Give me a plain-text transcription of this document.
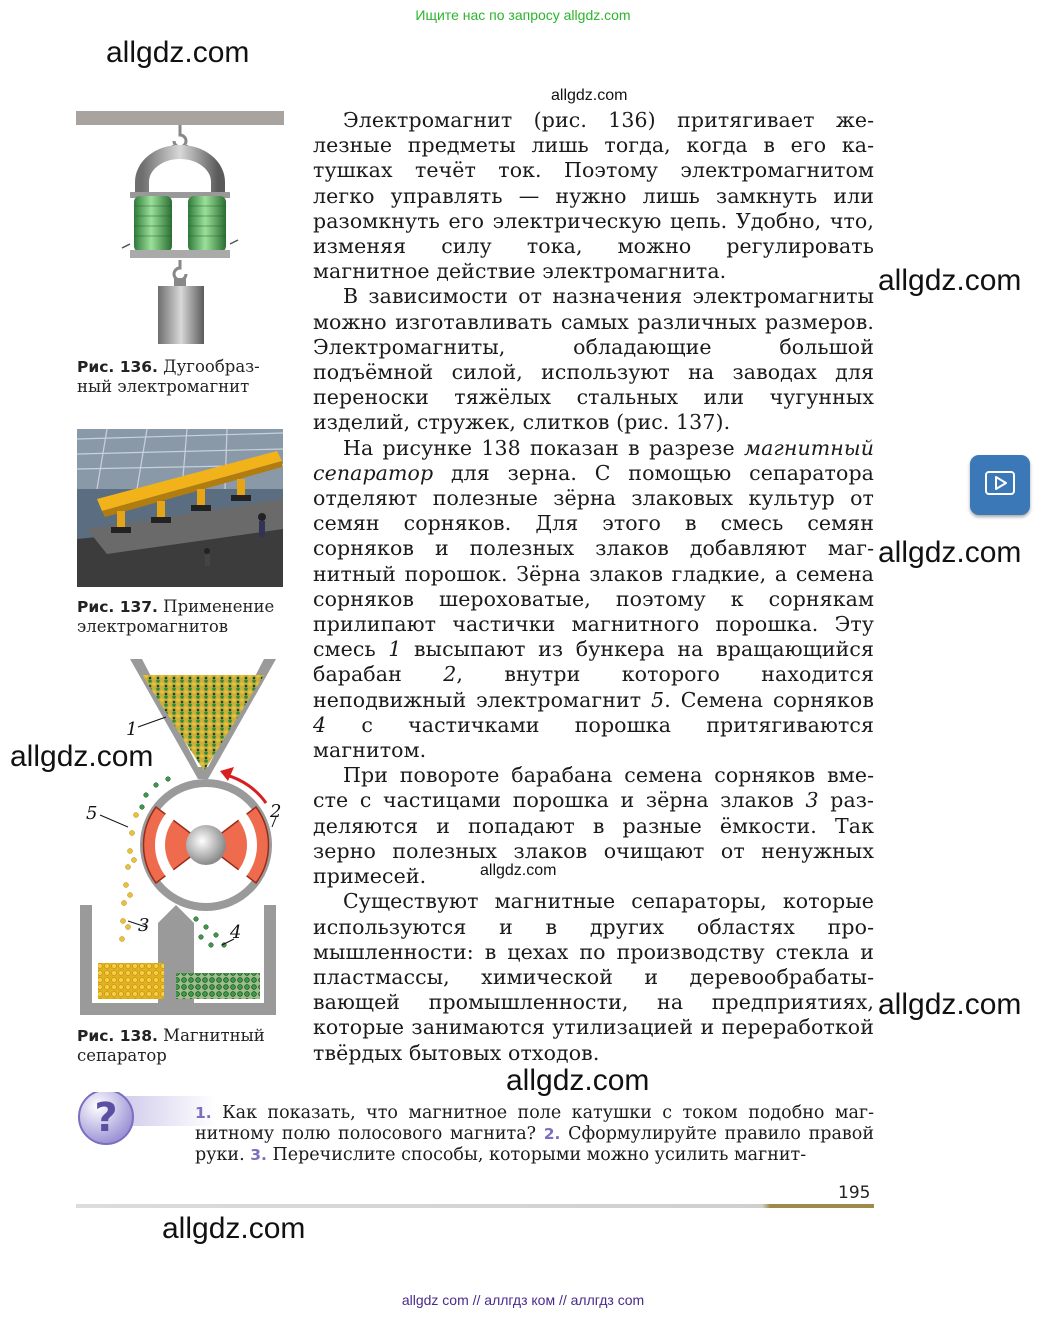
Ищите нас по запросу allgdz.com
allgdz.com
allgdz.com
allgdz.com
allgdz.com
allgdz.com
allgdz.com
allgdz.com
allgdz.com
allgdz.com
Рис. 136. Дугообразный электромагнит
Рис. 137. Применение электромагнитов
1
2
3	4
5
Рис. 138. Магнитный сепаратор

Электромагнит (рис. 136) притягивает железные предметы лишь тогда, когда в его катушках течёт ток. Поэтому электромагнитом легко управлять — нужно лишь замкнуть или разомкнуть его электрическую цепь. Удобно, что, изменяя силу тока, можно регулировать магнитное действие электромагнита.

В зависимости от назначения электромагниты можно изготавливать самых различных размеров. Электромагниты, обладающие большой подъёмной силой, используют на заводах для переноски тяжёлых стальных или чугунных изделий, стружек, слитков (рис. 137).

На рисунке 138 показан в разрезе магнитный сепаратор для зерна. С помощью сепаратора отделяют полезные зёрна злаковых культур от семян сорняков. Для этого в смесь семян сорняков и полезных злаков добавляют магнитный порошок. Зёрна злаков гладкие, а семена сорняков шероховатые, поэтому к сорнякам прилипают частички магнитного порошка. Эту смесь 1 высыпают из бункера на вращающийся барабан 2, внутри которого находится неподвижный электромагнит 5. Семена сорняков 4 с частичками порошка притягиваются магнитом.

При повороте барабана семена сорняков вместе с частицами порошка и зёрна злаков 3 разделяются и попадают в разные ёмкости. Так зерно полезных злаков очищают от ненужных примесей.

Существуют магнитные сепараторы, которые используются и в других областях промышленности: в цехах по производству стекла и пластмассы, химической и деревообрабатывающей промышленности, на предприятиях, которые занимаются утилизацией и переработкой твёрдых бытовых отходов.

?	1. Как показать, что магнитное поле катушки с током подобно магнитному полю полосового магнита? 2. Сформулируйте правило правой руки. 3. Перечислите способы, которыми можно усилить магнит-
195
allgdz com // аллгдз ком // аллгдз com
